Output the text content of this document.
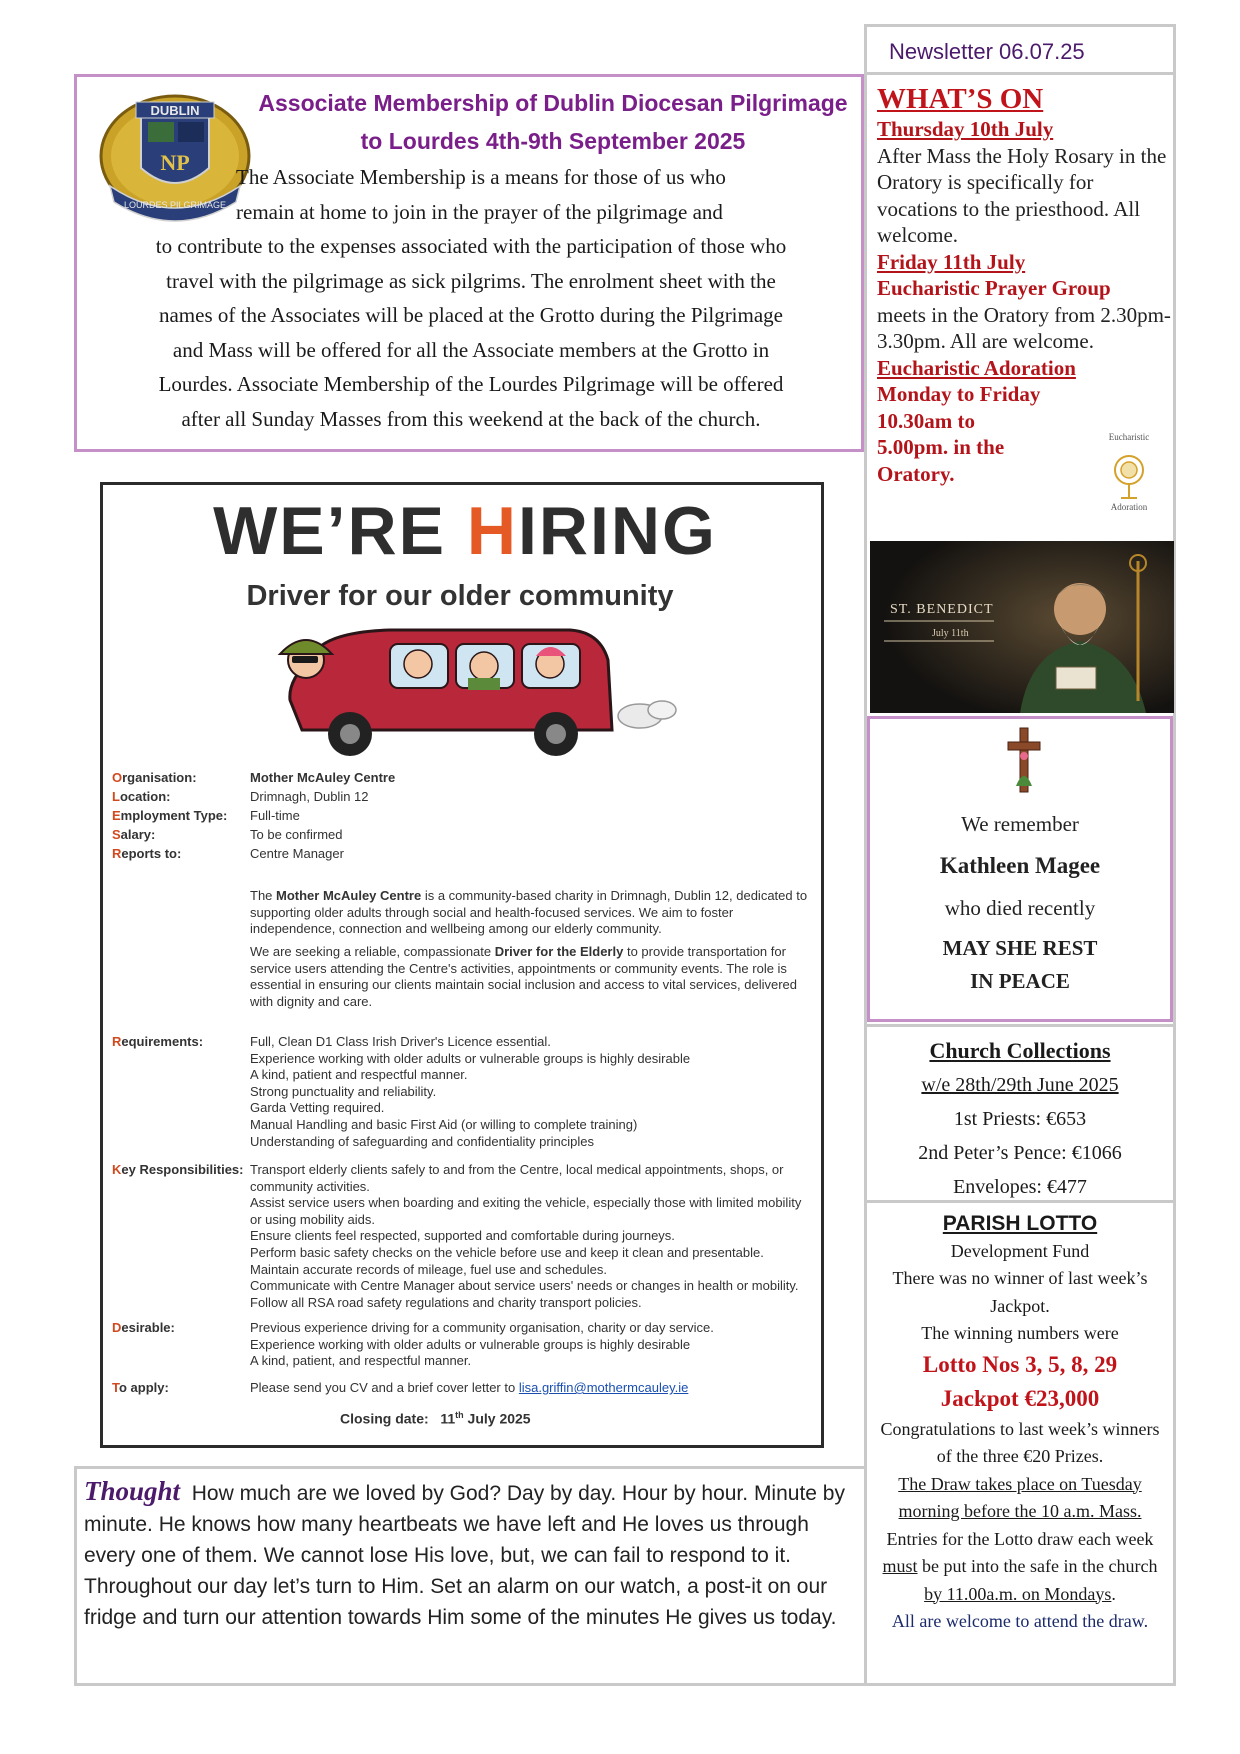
Newsletter 06.07.25
DUBLIN
NP
LOURDES PILGRIMAGE
Associate Membership of Dublin Diocesan Pilgrimage
to Lourdes 4th-9th September 2025
The Associate Membership is a means for those of us who
remain at home to join in the prayer of the pilgrimage and
to contribute to the expenses associated with the participation of those who
travel with the pilgrimage as sick pilgrims. The enrolment sheet with the
names of the Associates will be placed at the Grotto during the Pilgrimage
and Mass will be offered for all the Associate members at the Grotto in
Lourdes. Associate Membership of the Lourdes Pilgrimage will be offered
after all Sunday Masses from this weekend at the back of the church.
WE’RE HIRING
Driver for our older community
Organisation:	Mother McAuley Centre
Location:	Drimnagh, Dublin 12
Employment Type:	Full-time
Salary:	To be confirmed
Reports to:	Centre Manager
The Mother McAuley Centre is a community-based charity in Drimnagh, Dublin 12, dedicated to supporting older adults through social and health-focused services. We aim to foster independence, connection and wellbeing among our elderly community.
We are seeking a reliable, compassionate Driver for the Elderly to provide transportation for service users attending the Centre's activities, appointments or community events. The role is essential in ensuring our clients maintain social inclusion and access to vital services, delivered with dignity and care.
Requirements:	Full, Clean D1 Class Irish Driver's Licence essential.
Experience working with older adults or vulnerable groups is highly desirable
A kind, patient and respectful manner.
Strong punctuality and reliability.
Garda Vetting required.
Manual Handling and basic First Aid (or willing to complete training)
Understanding of safeguarding and confidentiality principles
Key Responsibilities: Transport elderly clients safely to and from the Centre, local medical appointments, shops, or
community activities.
Assist service users when boarding and exiting the vehicle, especially those with limited mobility
or using mobility aids.
Ensure clients feel respected, supported and comfortable during journeys.
Perform basic safety checks on the vehicle before use and keep it clean and presentable.
Maintain accurate records of mileage, fuel use and schedules.
Communicate with Centre Manager about service users' needs or changes in health or mobility.
Follow all RSA road safety regulations and charity transport policies.
Desirable:	Previous experience driving for a community organisation, charity or day service.
Experience working with older adults or vulnerable groups is highly desirable
A kind, patient, and respectful manner.
To apply:	Please send you CV and a brief cover letter to lisa.griffin@mothermcauley.ie
Closing date: 11th July 2025
Thought How much are we loved by God? Day by day. Hour by hour. Minute by minute. He knows how many heartbeats we have left and He loves us through every one of them. We cannot lose His love, but, we can fail to respond to it. Throughout our day let’s turn to Him. Set an alarm on our watch, a post-it on our fridge and turn our attention towards Him some of the minutes He gives us today.
WHAT’S ON
Thursday 10th July
After Mass the Holy Rosary in the Oratory is specifically for vocations to the priesthood. All welcome.
Friday 11th July
Eucharistic Prayer Group
meets in the Oratory from 2.30pm-3.30pm. All are welcome.
Eucharistic Adoration
Monday to Friday
10.30am to
5.00pm. in the
Oratory.
Eucharistic
Adoration
ST. BENEDICT
July 11th
We remember
Kathleen Magee
who died recently
MAY SHE REST
IN PEACE
Church Collections
w/e 28th/29th June 2025
1st Priests: €653
2nd Peter’s Pence: €1066
Envelopes: €477
PARISH LOTTO
Development Fund
There was no winner of last week’s Jackpot.
The winning numbers were
Lotto Nos 3, 5, 8, 29
Jackpot €23,000
Congratulations to last week’s winners of the three €20 Prizes.
The Draw takes place on Tuesday morning before the 10 a.m. Mass. Entries for the Lotto draw each week must be put into the safe in the church by 11.00a.m. on Mondays.
All are welcome to attend the draw.
